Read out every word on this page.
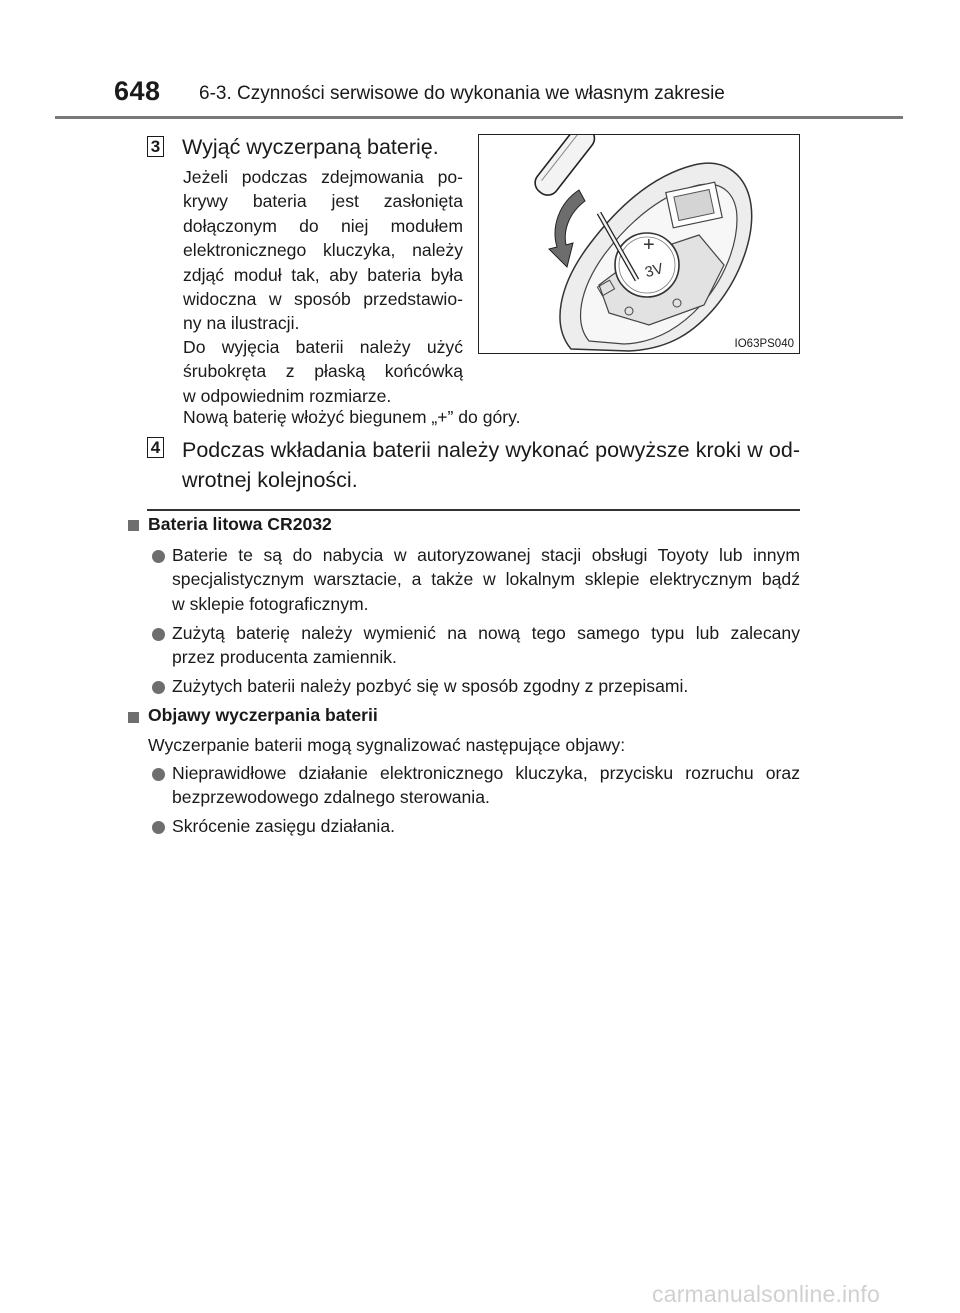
648 6-3. Czynności serwisowe do wykonania we własnym zakresie
3 Wyjąć wyczerpaną baterię.
Jeżeli podczas zdejmowania po-
krywy bateria jest zasłonięta
dołączonym do niej modułem
elektronicznego kluczyka, należy
zdjąć moduł tak, aby bateria była
widoczna w sposób przedstawio-
ny na ilustracji.
Do wyjęcia baterii należy użyć
śrubokręta z płaską końcówką
w odpowiednim rozmiarze.
Nową baterię włożyć biegunem „+” do góry.
+
3V
IO63PS040
4 Podczas wkładania baterii należy wykonać powyższe kroki w od-
wrotnej kolejności.
Bateria litowa CR2032
Baterie te są do nabycia w autoryzowanej stacji obsługi Toyoty lub innym
specjalistycznym warsztacie, a także w lokalnym sklepie elektrycznym bądź
w sklepie fotograficznym.
Zużytą baterię należy wymienić na nową tego samego typu lub zalecany
przez producenta zamiennik.
Zużytych baterii należy pozbyć się w sposób zgodny z przepisami.
Objawy wyczerpania baterii
Wyczerpanie baterii mogą sygnalizować następujące objawy:
Nieprawidłowe działanie elektronicznego kluczyka, przycisku rozruchu oraz
bezprzewodowego zdalnego sterowania.
Skrócenie zasięgu działania.
carmanualsonline.info
